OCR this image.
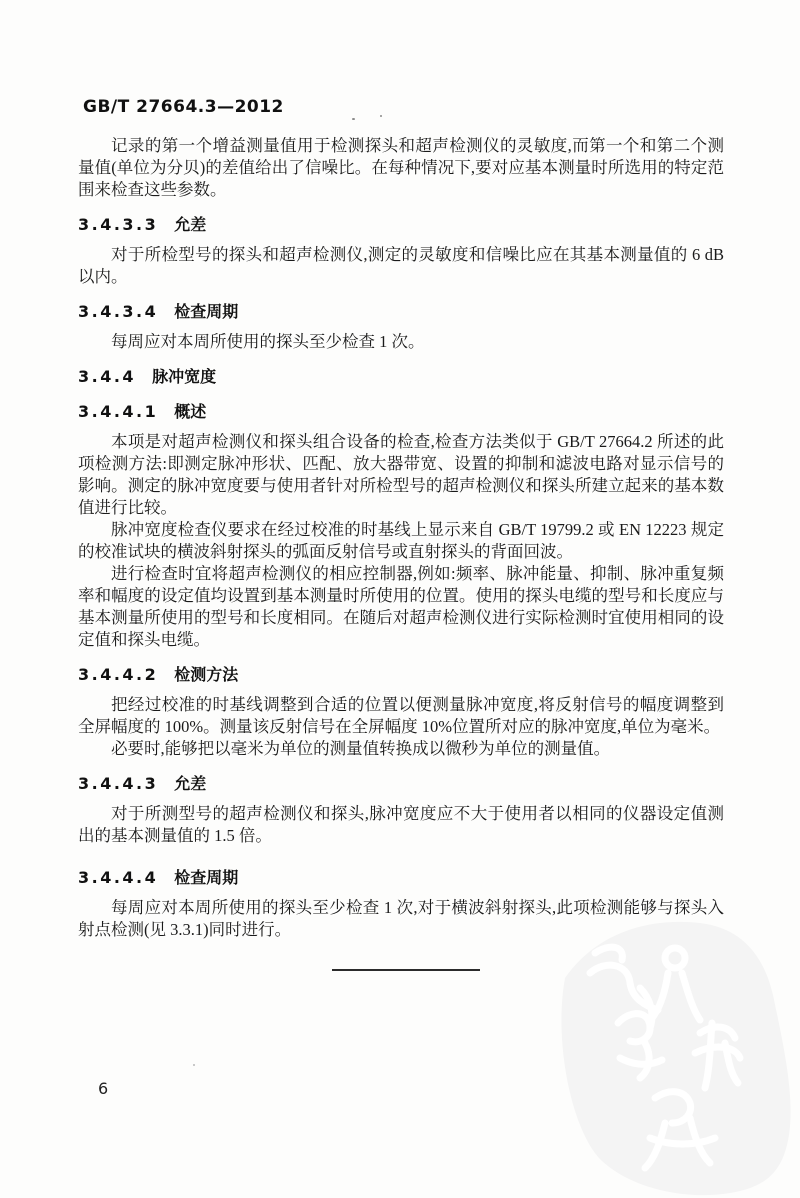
GB/T 27664.3—2012

记录的第一个增益测量值用于检测探头和超声检测仪的灵敏度,而第一个和第二个测量值(单位为分贝)的差值给出了信噪比。在每种情况下,要对应基本测量时所选用的特定范围来检查这些参数。

3.4.3.3 允差

对于所检型号的探头和超声检测仪,测定的灵敏度和信噪比应在其基本测量值的 6 dB 以内。

3.4.3.4 检查周期

每周应对本周所使用的探头至少检查 1 次。

3.4.4 脉冲宽度
3.4.4.1 概述

本项是对超声检测仪和探头组合设备的检查,检查方法类似于 GB/T 27664.2 所述的此项检测方法:即测定脉冲形状、匹配、放大器带宽、设置的抑制和滤波电路对显示信号的影响。测定的脉冲宽度要与使用者针对所检型号的超声检测仪和探头所建立起来的基本数值进行比较。

脉冲宽度检查仪要求在经过校准的时基线上显示来自 GB/T 19799.2 或 EN 12223 规定的校准试块的横波斜射探头的弧面反射信号或直射探头的背面回波。

进行检查时宜将超声检测仪的相应控制器,例如:频率、脉冲能量、抑制、脉冲重复频率和幅度的设定值均设置到基本测量时所使用的位置。使用的探头电缆的型号和长度应与基本测量所使用的型号和长度相同。在随后对超声检测仪进行实际检测时宜使用相同的设定值和探头电缆。

3.4.4.2 检测方法

把经过校准的时基线调整到合适的位置以便测量脉冲宽度,将反射信号的幅度调整到全屏幅度的 100%。测量该反射信号在全屏幅度 10%位置所对应的脉冲宽度,单位为毫米。

必要时,能够把以毫米为单位的测量值转换成以微秒为单位的测量值。

3.4.4.3 允差

对于所测型号的超声检测仪和探头,脉冲宽度应不大于使用者以相同的仪器设定值测出的基本测量值的 1.5 倍。

3.4.4.4 检查周期

每周应对本周所使用的探头至少检查 1 次,对于横波斜射探头,此项检测能够与探头入射点检测(见 3.3.1)同时进行。

6
